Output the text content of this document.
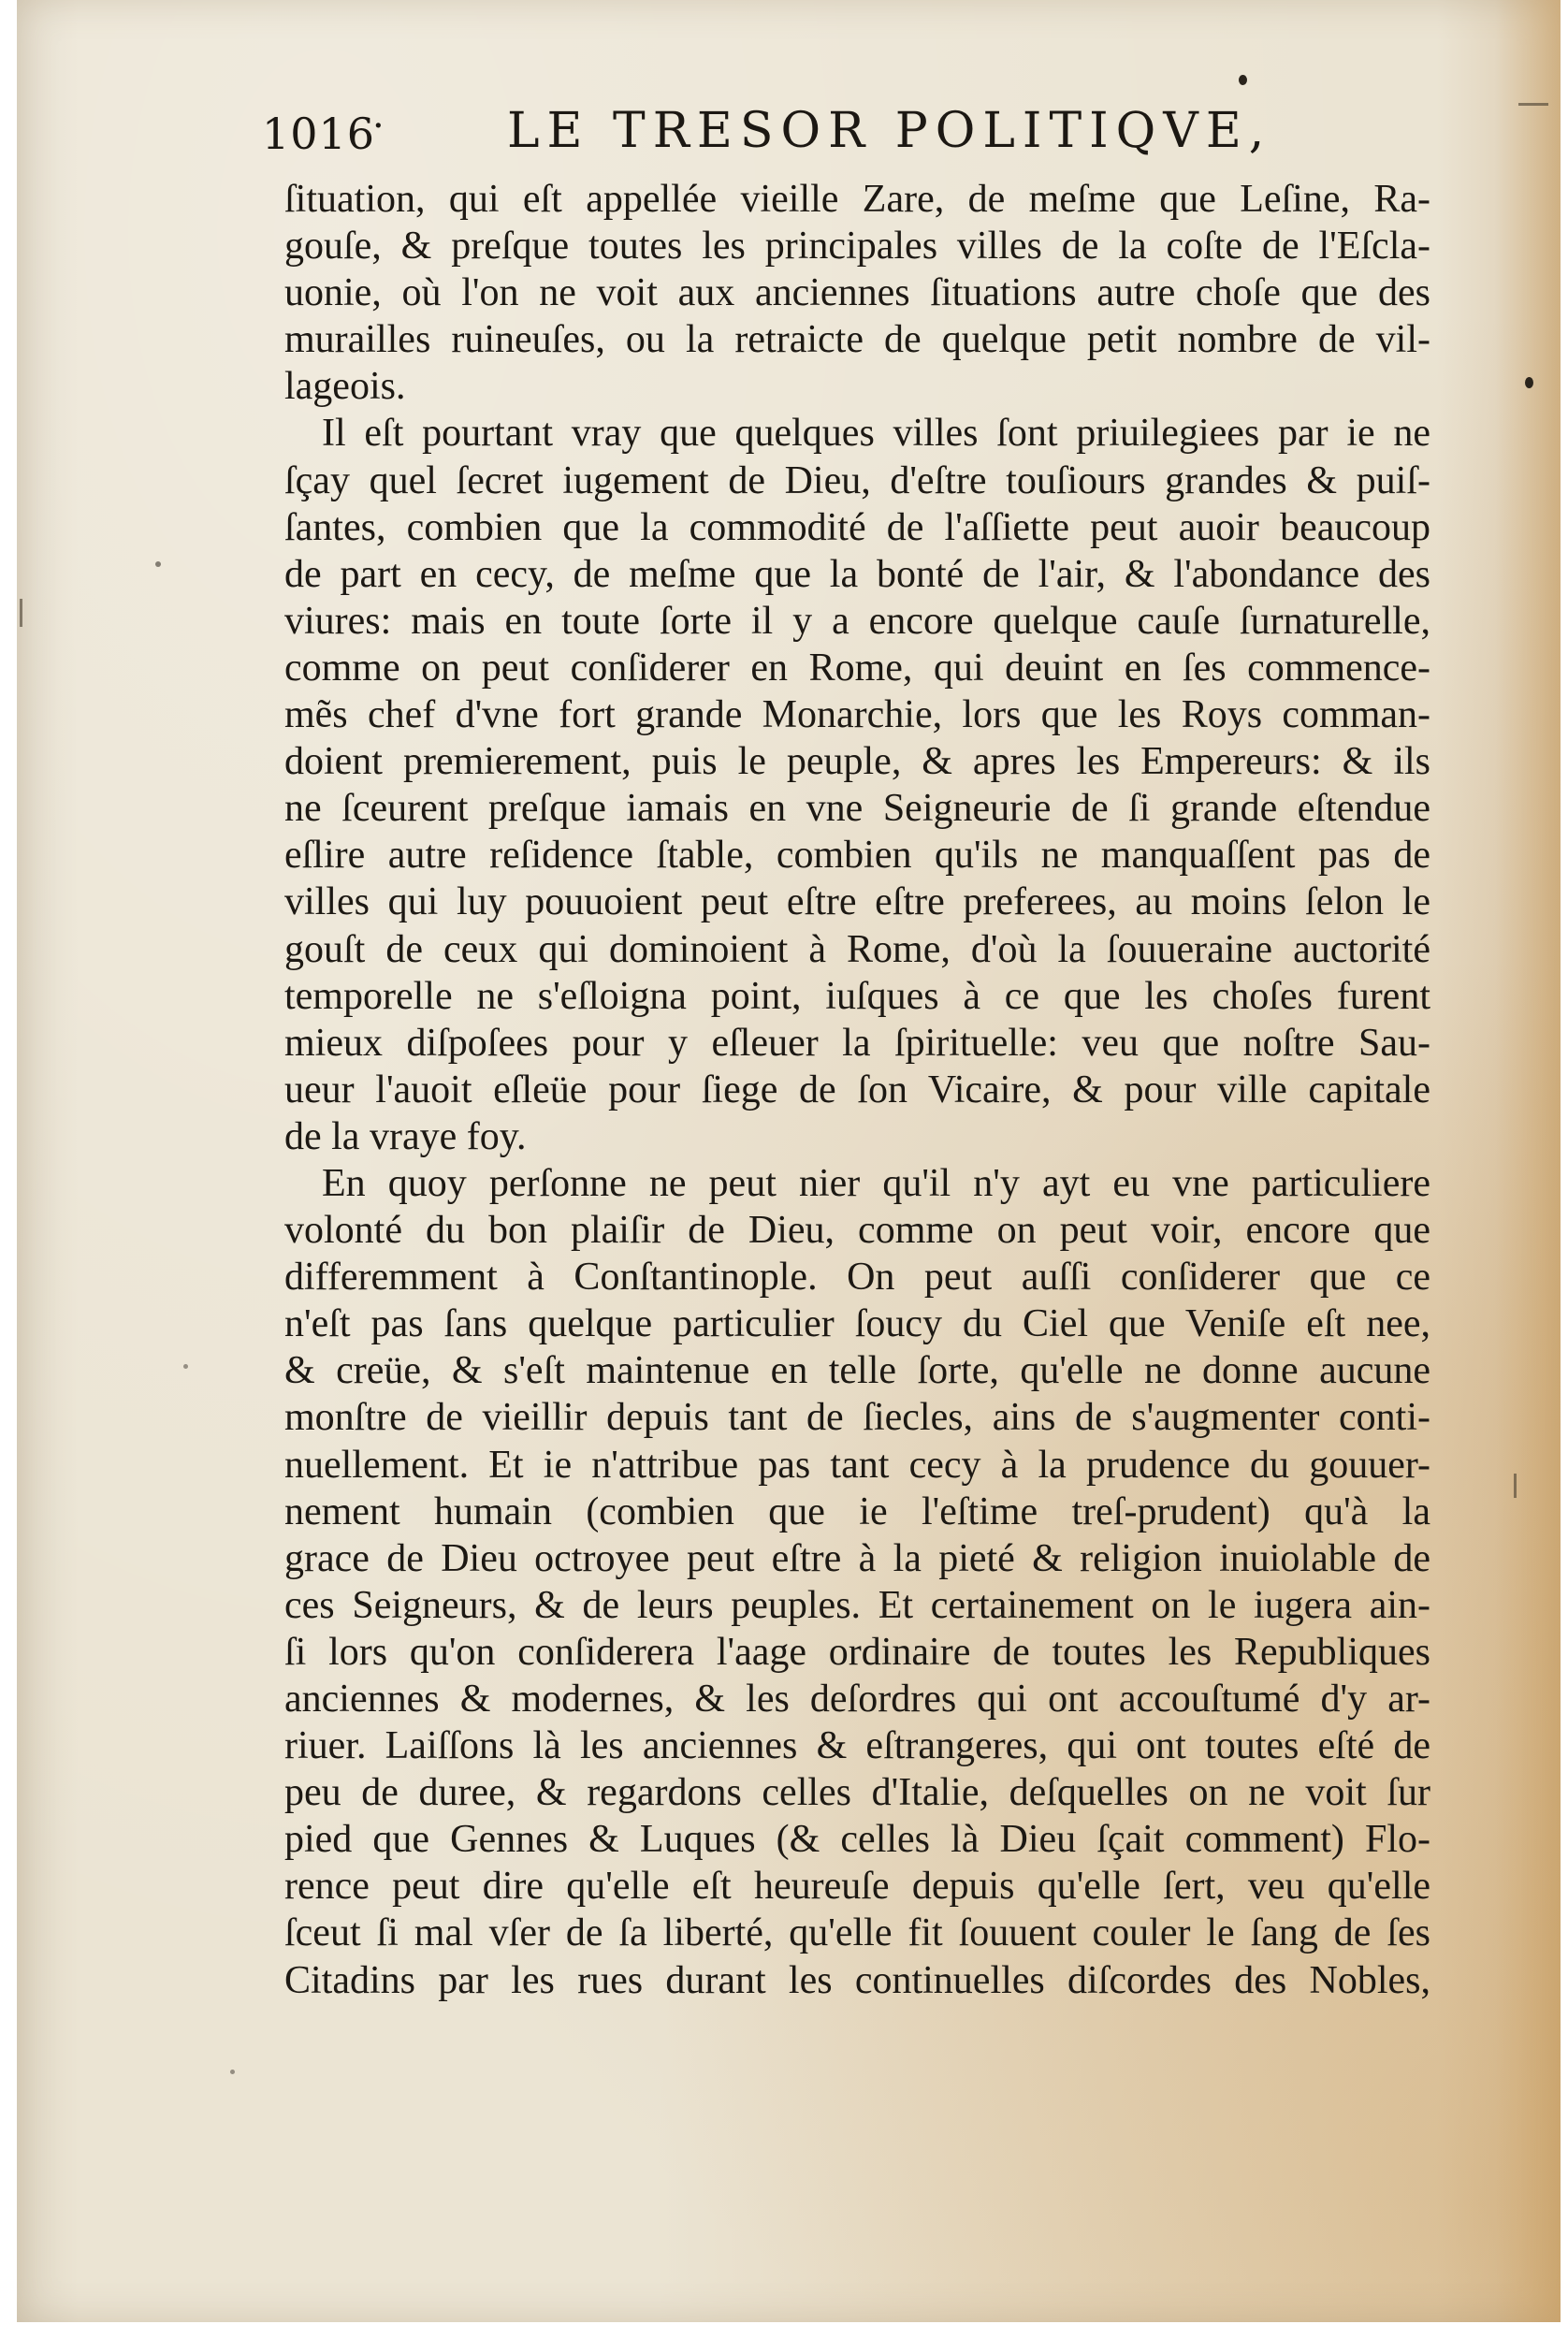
1016
·	LE TRESOR POLITIQVE,
ſituation, qui eſt appellée vieille Zare, de meſme que Leſine, Ra-
gouſe, & preſque toutes les principales villes de la coſte de l'Eſcla-
uonie, où l'on ne voit aux anciennes ſituations autre choſe que des
murailles ruineuſes, ou la retraicte de quelque petit nombre de vil-
lageois.
Il eſt pourtant vray que quelques villes ſont priuilegiees par ie ne
ſçay quel ſecret iugement de Dieu, d'eſtre touſiours grandes & puiſ-
ſantes, combien que la commodité de l'aſſiette peut auoir beaucoup
de part en cecy, de meſme que la bonté de l'air, & l'abondance des
viures: mais en toute ſorte il y a encore quelque cauſe ſurnaturelle,
comme on peut conſiderer en Rome, qui deuint en ſes commence-
mẽs chef d'vne fort grande Monarchie, lors que les Roys comman-
doient premierement, puis le peuple, & apres les Empereurs: & ils
ne ſceurent preſque iamais en vne Seigneurie de ſi grande eſtendue
eſlire autre reſidence ſtable, combien qu'ils ne manquaſſent pas de
villes qui luy pouuoient peut eſtre eſtre preferees, au moins ſelon le
gouſt de ceux qui dominoient à Rome, d'où la ſouueraine auctorité
temporelle ne s'eſloigna point, iuſques à ce que les choſes furent
mieux diſpoſees pour y eſleuer la ſpirituelle: veu que noſtre Sau-
ueur l'auoit eſleüe pour ſiege de ſon Vicaire, & pour ville capitale
de la vraye foy.
En quoy perſonne ne peut nier qu'il n'y ayt eu vne particuliere
volonté du bon plaiſir de Dieu, comme on peut voir, encore que
differemment à Conſtantinople. On peut auſſi conſiderer que ce
n'eſt pas ſans quelque particulier ſoucy du Ciel que Veniſe eſt nee,
& creüe, & s'eſt maintenue en telle ſorte, qu'elle ne donne aucune
monſtre de vieillir depuis tant de ſiecles, ains de s'augmenter conti-
nuellement. Et ie n'attribue pas tant cecy à la prudence du gouuer-
nement humain (combien que ie l'eſtime treſ-prudent) qu'à la
grace de Dieu octroyee peut eſtre à la pieté & religion inuiolable de
ces Seigneurs, & de leurs peuples. Et certainement on le iugera ain-
ſi lors qu'on conſiderera l'aage ordinaire de toutes les Republiques
anciennes & modernes, & les deſordres qui ont accouſtumé d'y ar-
riuer. Laiſſons là les anciennes & eſtrangeres, qui ont toutes eſté de
peu de duree, & regardons celles d'Italie, deſquelles on ne voit ſur
pied que Gennes & Luques (& celles là Dieu ſçait comment) Flo-
rence peut dire qu'elle eſt heureuſe depuis qu'elle ſert, veu qu'elle
ſceut ſi mal vſer de ſa liberté, qu'elle fit ſouuent couler le ſang de ſes
Citadins par les rues durant les continuelles diſcordes des Nobles,
